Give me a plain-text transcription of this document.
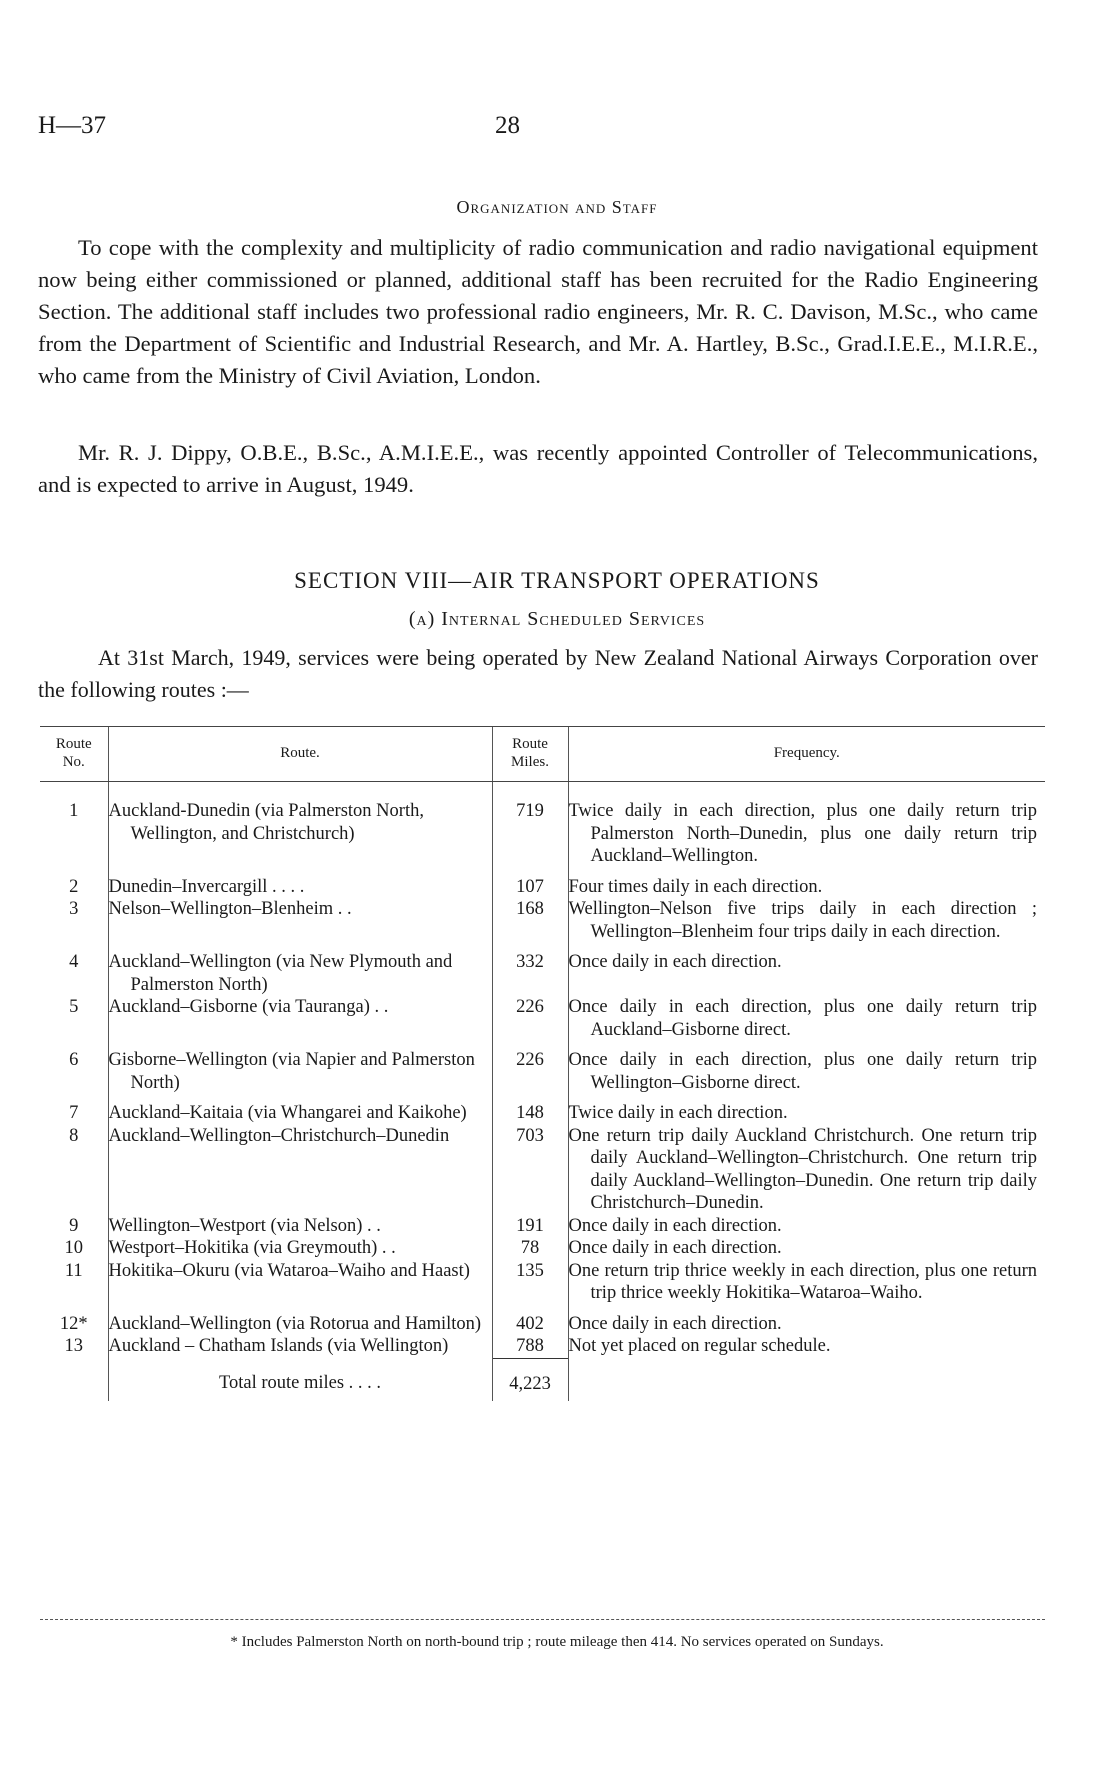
H—37	28
Organization and Staff
To cope with the complexity and multiplicity of radio communication and radio navigational equipment now being either commissioned or planned, additional staff has been recruited for the Radio Engineering Section. The additional staff includes two professional radio engineers, Mr. R. C. Davison, M.Sc., who came from the Department of Scientific and Industrial Research, and Mr. A. Hartley, B.Sc., Grad.I.E.E., M.I.R.E., who came from the Ministry of Civil Aviation, London.
Mr. R. J. Dippy, O.B.E., B.Sc., A.M.I.E.E., was recently appointed Controller of Telecommunications, and is expected to arrive in August, 1949.
SECTION VIII—AIR TRANSPORT OPERATIONS
(a) Internal Scheduled Services
At 31st March, 1949, services were being operated by New Zealand National Airways Corporation over the following routes :—
Route No.	Route.	Route Miles.	Frequency.
1	Auckland-Dunedin (via Palmerston North, Wellington, and Christchurch)	719	Twice daily in each direction, plus one daily return trip Palmerston North–Dunedin, plus one daily return trip Auckland–Wellington.
2	Dunedin–Invercargill . . . .	107	Four times daily in each direction.
3	Nelson–Wellington–Blenheim . .	168	Wellington–Nelson five trips daily in each direction ; Wellington–Blenheim four trips daily in each direction.
4	Auckland–Wellington (via New Plymouth and Palmerston North)	332	Once daily in each direction.
5	Auckland–Gisborne (via Tauranga) . .	226	Once daily in each direction, plus one daily return trip Auckland–Gisborne direct.
6	Gisborne–Wellington (via Napier and Palmerston North)	226	Once daily in each direction, plus one daily return trip Wellington–Gisborne direct.
7	Auckland–Kaitaia (via Whangarei and Kaikohe)	148	Twice daily in each direction.
8	Auckland–Wellington–Christchurch–Dunedin	703	One return trip daily Auckland Christchurch. One return trip daily Auckland–Wellington–Christchurch. One return trip daily Auckland–Wellington–Dunedin. One return trip daily Christchurch–Dunedin.
9	Wellington–Westport (via Nelson) . .	191	Once daily in each direction.
10	Westport–Hokitika (via Greymouth) . .	78	Once daily in each direction.
11	Hokitika–Okuru (via Wataroa–Waiho and Haast)	135	One return trip thrice weekly in each direction, plus one return trip thrice weekly Hokitika–Wataroa–Waiho.
12*	Auckland–Wellington (via Rotorua and Hamilton)	402	Once daily in each direction.
13	Auckland – Chatham Islands (via Wellington)	788	Not yet placed on regular schedule.
	Total route miles . . . .	4,223	
* Includes Palmerston North on north-bound trip ; route mileage then 414. No services operated on Sundays.
